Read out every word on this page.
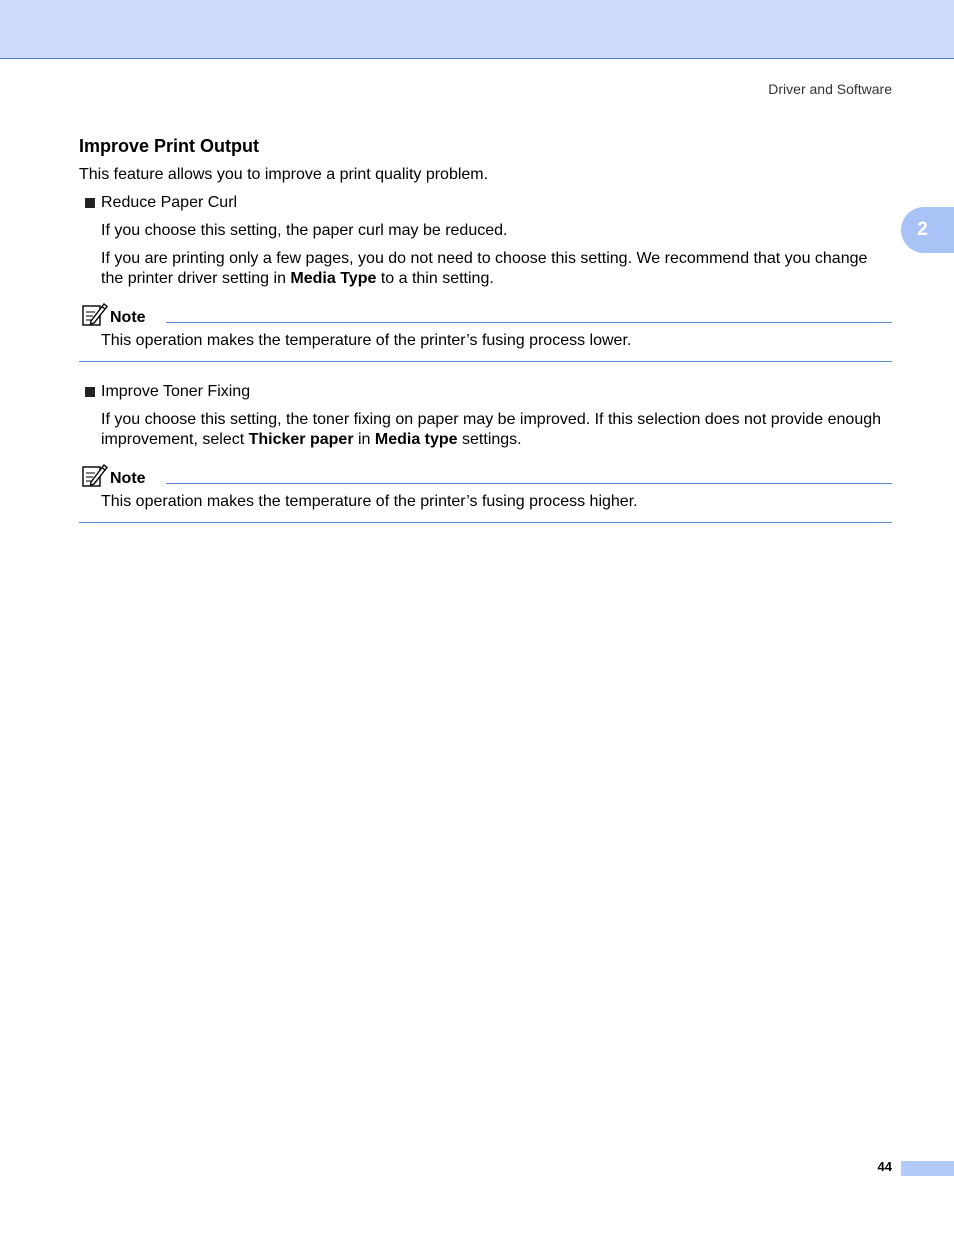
Driver and Software
2
Improve Print Output

This feature allows you to improve a print quality problem.

Reduce Paper Curl

If you choose this setting, the paper curl may be reduced.

If you are printing only a few pages, you do not need to choose this setting. We recommend that you change the printer driver setting in Media Type to a thin setting.

Note

This operation makes the temperature of the printer’s fusing process lower.

Improve Toner Fixing

If you choose this setting, the toner fixing on paper may be improved. If this selection does not provide enough improvement, select Thicker paper in Media type settings.

Note

This operation makes the temperature of the printer’s fusing process higher.

44
